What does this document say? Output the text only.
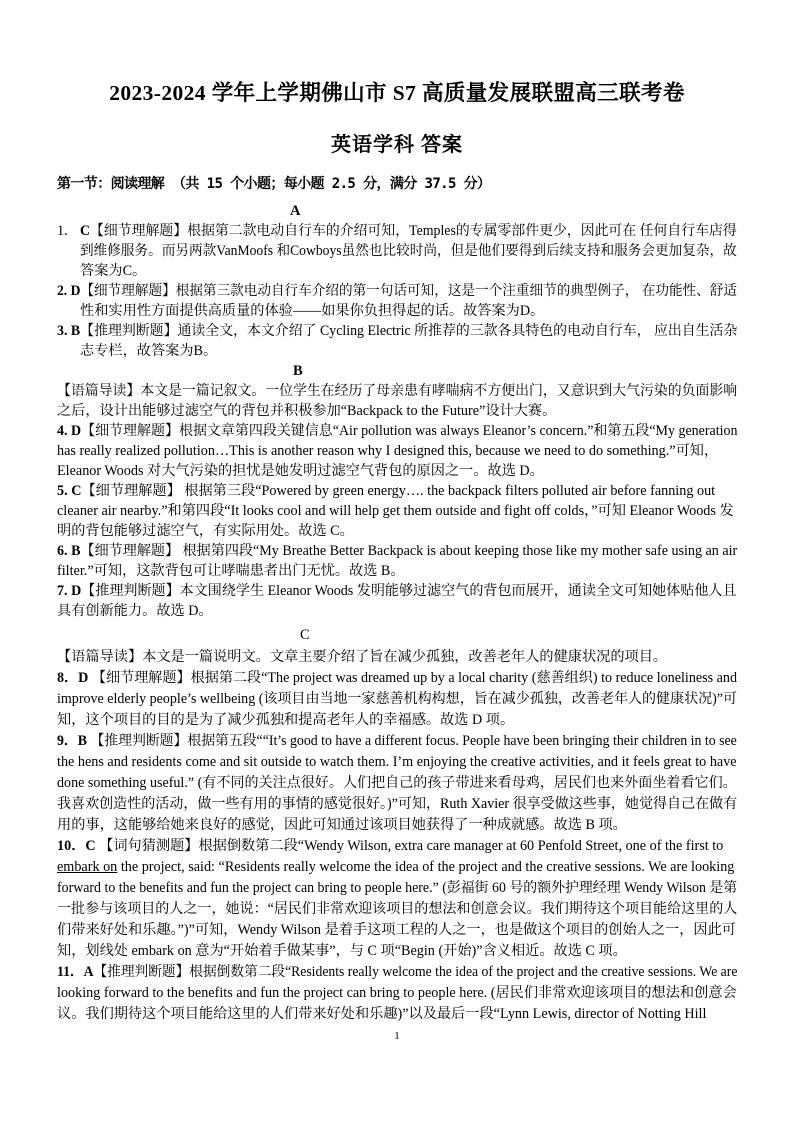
2023-2024 学年上学期佛山市 S7 高质量发展联盟高三联考卷
英语学科 答案
第一节：阅读理解 （共 15 个小题；每小题 2.5 分，满分 37.5 分）
A
1. C【细节理解题】根据第二款电动自行车的介绍可知，Temples的专属零部件更少，因此可在 任何自行车店得
到维修服务。而另两款VanMoofs 和Cowboys虽然也比较时尚，但是他们要得到后续支持和服务会更加复杂，故
答案为C。
2. D【细节理解题】根据第三款电动自行车介绍的第一句话可知，这是一个注重细节的典型例子， 在功能性、舒适
性和实用性方面提供高质量的体验——如果你负担得起的话。故答案为D。
3. B【推理判断题】通读全文，本文介绍了 Cycling Electric 所推荐的三款各具特色的电动自行车， 应出自生活杂
志专栏，故答案为B。
B
【语篇导读】本文是一篇记叙文。一位学生在经历了母亲患有哮喘病不方便出门，又意识到大气污染的负面影响
之后，设计出能够过滤空气的背包并积极参加“Backpack to the Future”设计大赛。
4. D【细节理解题】根据文章第四段关键信息“Air pollution was always Eleanor’s concern.”和第五段“My generation
has really realized pollution…This is another reason why I designed this, because we need to do something.”可知，
Eleanor Woods 对大气污染的担忧是她发明过滤空气背包的原因之一。故选 D。
5. C【细节理解题】 根据第三段“Powered by green energy…. the backpack filters polluted air before fanning out
cleaner air nearby.”和第四段“It looks cool and will help get them outside and fight off colds，”可知 Eleanor Woods 发
明的背包能够过滤空气，有实际用处。故选 C。
6. B【细节理解题】 根据第四段“My Breathe Better Backpack is about keeping those like my mother safe using an air
filter.”可知，这款背包可让哮喘患者出门无忧。故选 B。
7. D【推理判断题】本文围绕学生 Eleanor Woods 发明能够过滤空气的背包而展开，通读全文可知她体贴他人且
具有创新能力。故选 D。
C
【语篇导读】本文是一篇说明文。文章主要介绍了旨在减少孤独，改善老年人的健康状况的项目。
8．D 【细节理解题】根据第二段“The project was dreamed up by a local charity (慈善组织) to reduce loneliness and
improve elderly people’s wellbeing (该项目由当地一家慈善机构构想，旨在减少孤独，改善老年人的健康状况)”可
知，这个项目的目的是为了减少孤独和提高老年人的幸福感。故选 D 项。
9．B 【推理判断题】根据第五段““It’s good to have a different focus. People have been bringing their children in to see
the hens and residents come and sit outside to watch them. I’m enjoying the creative activities, and it feels great to have
done something useful.” (有不同的关注点很好。人们把自己的孩子带进来看母鸡，居民们也来外面坐着看它们。
我喜欢创造性的活动，做一些有用的事情的感觉很好。)”可知，Ruth Xavier 很享受做这些事，她觉得自己在做有
用的事，这能够给她来良好的感觉，因此可知通过该项目她获得了一种成就感。故选 B 项。
10．C 【词句猜测题】根据倒数第二段“Wendy Wilson, extra care manager at 60 Penfold Street, one of the first to
embark on the project, said: “Residents really welcome the idea of the project and the creative sessions. We are looking
forward to the benefits and fun the project can bring to people here.” (彭福街 60 号的额外护理经理 Wendy Wilson 是第
一批参与该项目的人之一，她说：“居民们非常欢迎该项目的想法和创意会议。我们期待这个项目能给这里的人
们带来好处和乐趣。”)”可知，Wendy Wilson 是着手这项工程的人之一，也是做这个项目的创始人之一，因此可
知，划线处 embark on 意为“开始着手做某事”，与 C 项“Begin (开始)”含义相近。故选 C 项。
11．A【推理判断题】根据倒数第二段“Residents really welcome the idea of the project and the creative sessions. We are
looking forward to the benefits and fun the project can bring to people here. (居民们非常欢迎该项目的想法和创意会
议。我们期待这个项目能给这里的人们带来好处和乐趣)”以及最后一段“Lynn Lewis, director of Notting Hill
1
